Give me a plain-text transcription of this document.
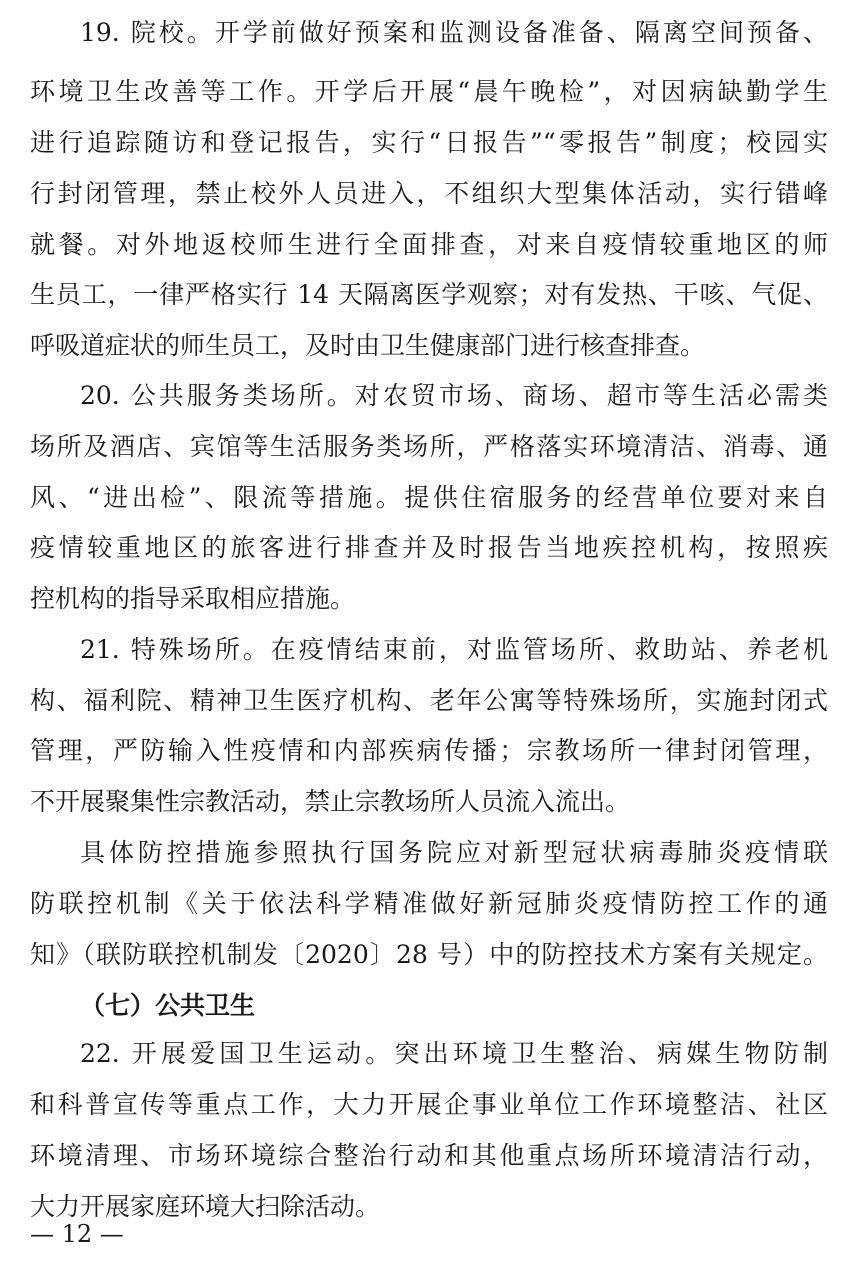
19. 院校。开学前做好预案和监测设备准备、隔离空间预备、
环境卫生改善等工作。开学后开展“晨午晚检”，对因病缺勤学生
进行追踪随访和登记报告，实行“日报告”“零报告”制度；校园实
行封闭管理，禁止校外人员进入，不组织大型集体活动，实行错峰
就餐。对外地返校师生进行全面排查，对来自疫情较重地区的师
生员工，一律严格实行 14 天隔离医学观察；对有发热、干咳、气促、
呼吸道症状的师生员工，及时由卫生健康部门进行核查排查。
20. 公共服务类场所。对农贸市场、商场、超市等生活必需类
场所及酒店、宾馆等生活服务类场所，严格落实环境清洁、消毒、通
风、“进出检”、限流等措施。提供住宿服务的经营单位要对来自
疫情较重地区的旅客进行排查并及时报告当地疾控机构，按照疾
控机构的指导采取相应措施。
21. 特殊场所。在疫情结束前，对监管场所、救助站、养老机
构、福利院、精神卫生医疗机构、老年公寓等特殊场所，实施封闭式
管理，严防输入性疫情和内部疾病传播；宗教场所一律封闭管理，
不开展聚集性宗教活动，禁止宗教场所人员流入流出。
具体防控措施参照执行国务院应对新型冠状病毒肺炎疫情联
防联控机制《关于依法科学精准做好新冠肺炎疫情防控工作的通
知》（联防联控机制发〔2020〕28 号）中的防控技术方案有关规定。
（七）公共卫生
22. 开展爱国卫生运动。突出环境卫生整治、病媒生物防制
和科普宣传等重点工作，大力开展企事业单位工作环境整洁、社区
环境清理、市场环境综合整治行动和其他重点场所环境清洁行动，
大力开展家庭环境大扫除活动。
— 12 —
